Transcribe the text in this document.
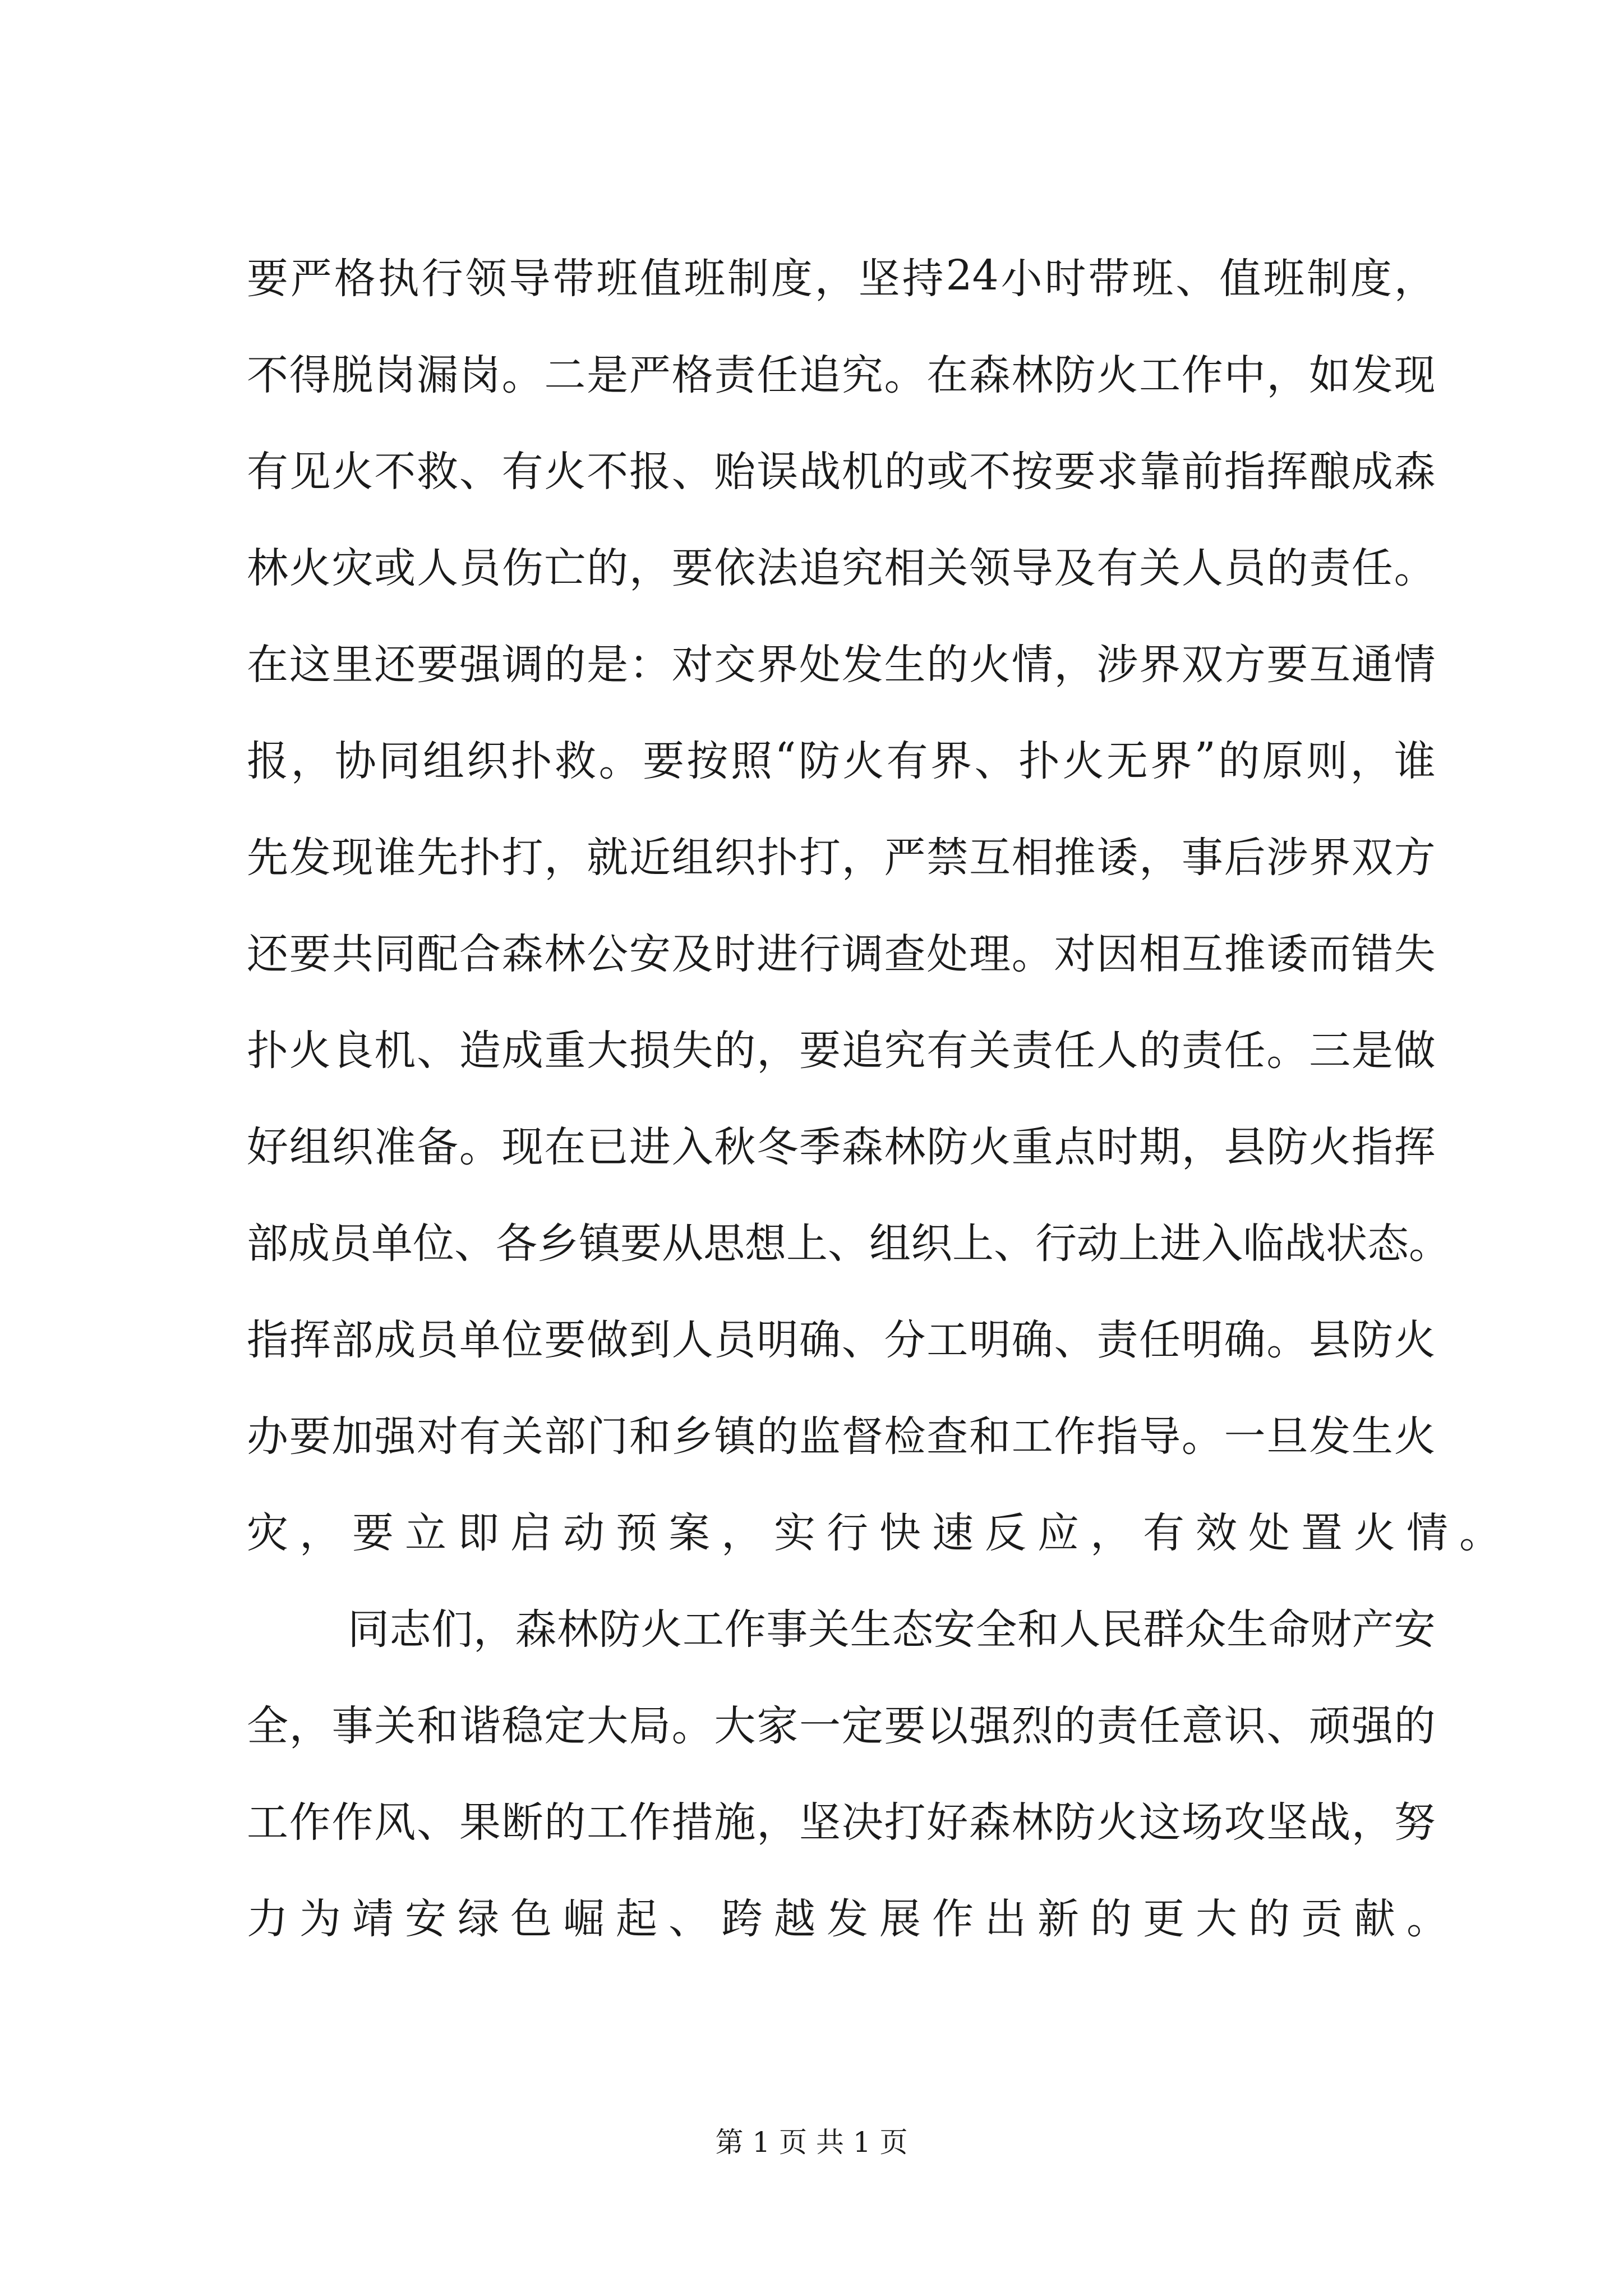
要 严 格 执 行 领 导 带 班 值 班 制 度 ， 坚 持 24 小 时 带 班 、 值 班 制 度 ，
不 得 脱 岗 漏 岗 。 二 是 严 格 责 任 追 究 。 在 森 林 防 火 工 作 中 ， 如 发 现
有 见 火 不 救 、 有 火 不 报 、 贻 误 战 机 的 或 不 按 要 求 靠 前 指 挥 酿 成 森
林 火 灾 或 人 员 伤 亡 的 ， 要 依 法 追 究 相 关 领 导 及 有 关 人 员 的 责 任 。
在 这 里 还 要 强 调 的 是 ： 对 交 界 处 发 生 的 火 情 ， 涉 界 双 方 要 互 通 情
报 ， 协 同 组 织 扑 救 。 要 按 照 “ 防 火 有 界 、 扑 火 无 界 ” 的 原 则 ， 谁
先 发 现 谁 先 扑 打 ， 就 近 组 织 扑 打 ， 严 禁 互 相 推 诿 ， 事 后 涉 界 双 方
还 要 共 同 配 合 森 林 公 安 及 时 进 行 调 查 处 理 。 对 因 相 互 推 诿 而 错 失
扑 火 良 机 、 造 成 重 大 损 失 的 ， 要 追 究 有 关 责 任 人 的 责 任 。 三 是 做
好 组 织 准 备 。 现 在 已 进 入 秋 冬 季 森 林 防 火 重 点 时 期 ， 县 防 火 指 挥
部 成 员 单 位 、 各 乡 镇 要 从 思 想 上 、 组 织 上 、 行 动 上 进 入 临 战 状 态 。
指 挥 部 成 员 单 位 要 做 到 人 员 明 确 、 分 工 明 确 、 责 任 明 确 。 县 防 火
办 要 加 强 对 有 关 部 门 和 乡 镇 的 监 督 检 查 和 工 作 指 导 。 一 旦 发 生 火
灾，要立即启动预案，实行快速反应，有效处置火情。
同 志 们 ， 森 林 防 火 工 作 事 关 生 态 安 全 和 人 民 群 众 生 命 财 产 安
全 ， 事 关 和 谐 稳 定 大 局 。 大 家 一 定 要 以 强 烈 的 责 任 意 识 、 顽 强 的
工 作 作 风 、 果 断 的 工 作 措 施 ， 坚 决 打 好 森 林 防 火 这 场 攻 坚 战 ， 努
力为靖安绿色崛起、跨越发展作出新的更大的贡献。
第 1 页 共 1 页
